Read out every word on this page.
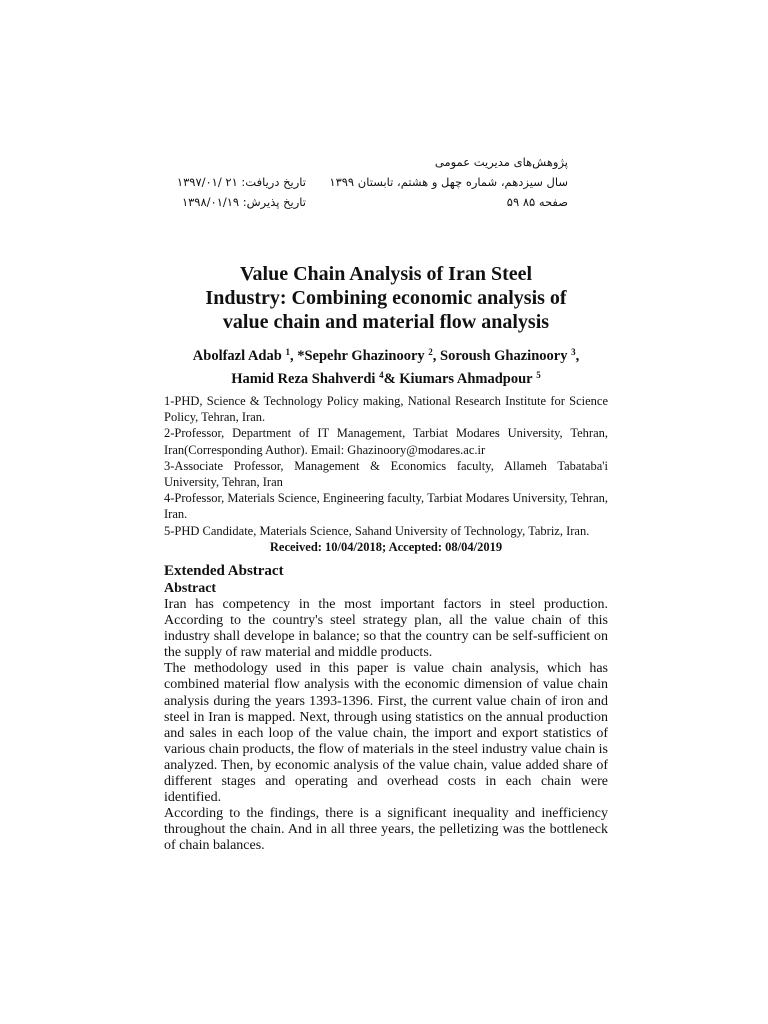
تاریخ دریافت: ۲۱ /۱۳۹۷/۰۱
تاریخ پذیرش: ۱۳۹۸/۰۱/۱۹
پژوهش‌های مدیریت عمومی
سال سیزدهم، شماره چهل و هشتم، تابستان ۱۳۹۹
صفحه ۸۵ ۵۹
Value Chain Analysis of Iran Steel
Industry: Combining economic analysis of
value chain and material flow analysis
Abolfazl Adab $^1$, *Sepehr Ghazinoory $^2$, Soroush Ghazinoory $^3$,
Hamid Reza Shahverdi $^4$& Kiumars Ahmadpour $^5$
1-PHD, Science & Technology Policy making, National Research Institute for Science Policy, Tehran, Iran.
2-Professor, Department of IT Management, Tarbiat Modares University, Tehran, Iran(Corresponding Author). Email: Ghazinoory@modares.ac.ir
3-Associate Professor, Management & Economics faculty, Allameh Tabataba'i University, Tehran, Iran
4-Professor, Materials Science, Engineering faculty, Tarbiat Modares University, Tehran, Iran.
5-PHD Candidate, Materials Science, Sahand University of Technology, Tabriz, Iran.
Received: 10/04/2018; Accepted: 08/04/2019
Extended Abstract
Abstract
Iran has competency in the most important factors in steel production. According to the country's steel strategy plan, all the value chain of this industry shall develope in balance; so that the country can be self-sufficient on the supply of raw material and middle products.
The methodology used in this paper is value chain analysis, which has combined material flow analysis with the economic dimension of value chain analysis during the years 1393-1396. First, the current value chain of iron and steel in Iran is mapped. Next, through using statistics on the annual production and sales in each loop of the value chain, the import and export statistics of various chain products, the flow of materials in the steel industry value chain is analyzed. Then, by economic analysis of the value chain, value added share of different stages and operating and overhead costs in each chain were identified.
According to the findings, there is a significant inequality and inefficiency throughout the chain. And in all three years, the pelletizing was the bottleneck of chain balances.
